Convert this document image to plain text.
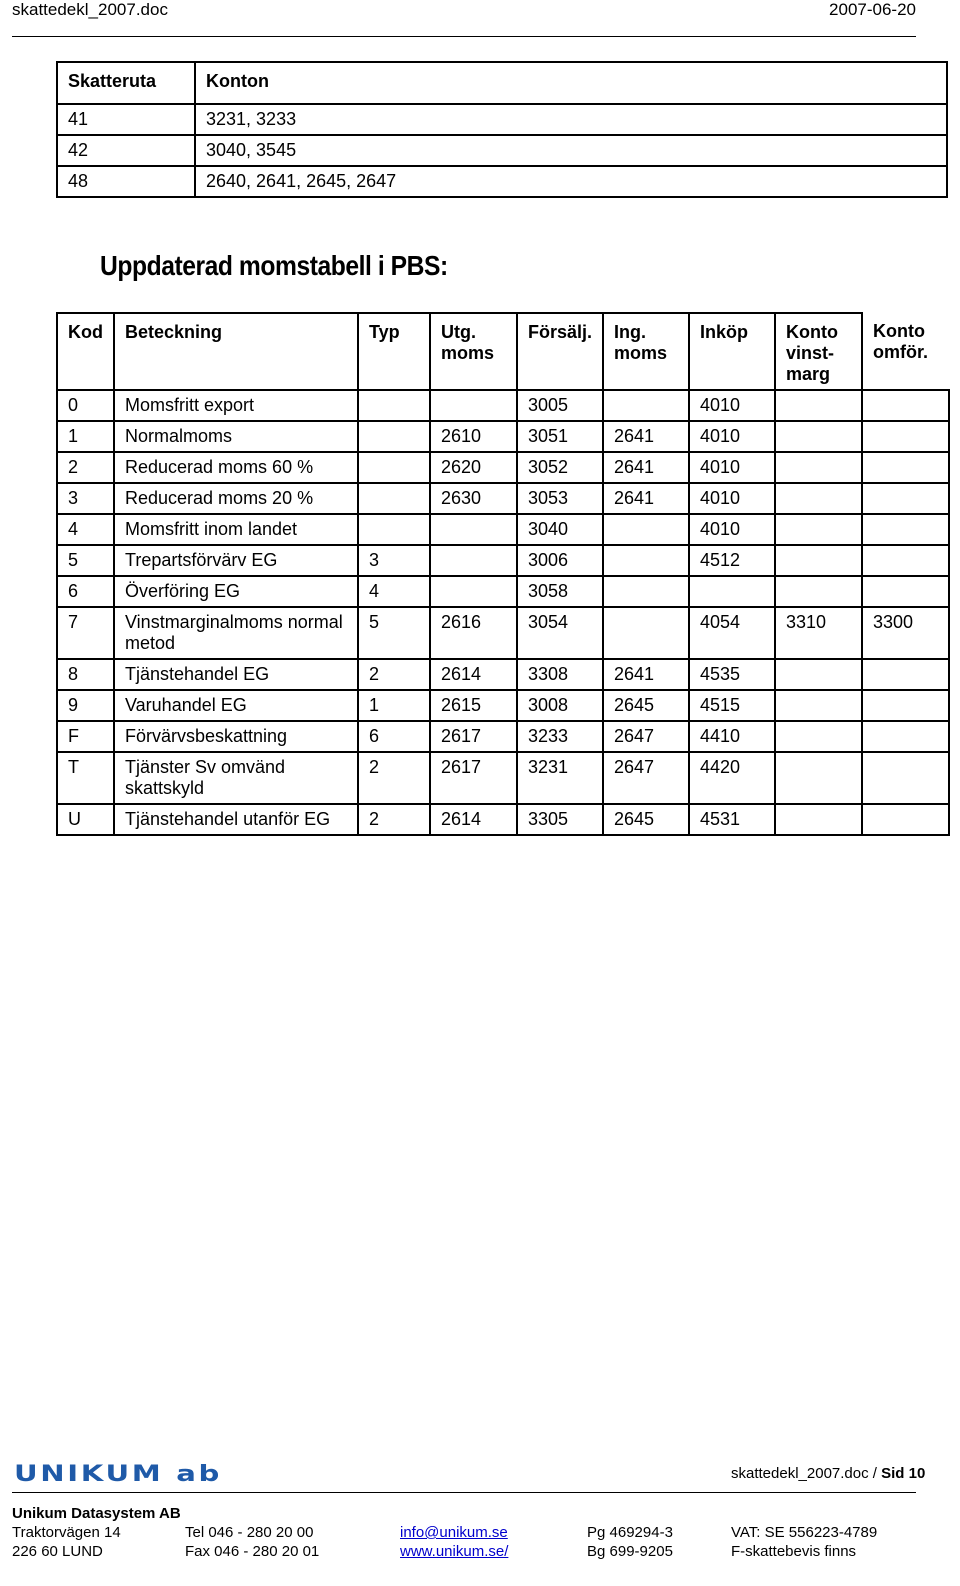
skattedekl_2007.doc	2007-06-20
Skatteruta	Konton
41	3231, 3233
42	3040, 3545
48	2640, 2641, 2645, 2647
Uppdaterad momstabell i PBS:
Kod	Beteckning	Typ	Utg. moms	Försälj.	Ing. moms	Inköp	Konto vinst-marg	Konto omför.
0	Momsfritt export			3005		4010		
1	Normalmoms		2610	3051	2641	4010		
2	Reducerad moms 60 %		2620	3052	2641	4010		
3	Reducerad moms 20 %		2630	3053	2641	4010		
4	Momsfritt inom landet			3040		4010		
5	Trepartsförvärv EG	3		3006		4512		
6	Överföring EG	4		3058				
7	Vinstmarginalmoms normal metod	5	2616	3054		4054	3310	3300
8	Tjänstehandel EG	2	2614	3308	2641	4535		
9	Varuhandel EG	1	2615	3008	2645	4515		
F	Förvärvsbeskattning	6	2617	3233	2647	4410		
T	Tjänster Sv omvänd skattskyld	2	2617	3231	2647	4420		
U	Tjänstehandel utanför EG	2	2614	3305	2645	4531		
UNIKUM ab	skattedekl_2007.doc / Sid 10
Unikum Datasystem AB
Traktorvägen 14
226 60 LUND
Tel 046 - 280 20 00
Fax 046 - 280 20 01
info@unikum.se
www.unikum.se/
Pg 469294-3
Bg 699-9205
VAT: SE 556223-4789
F-skattebevis finns
